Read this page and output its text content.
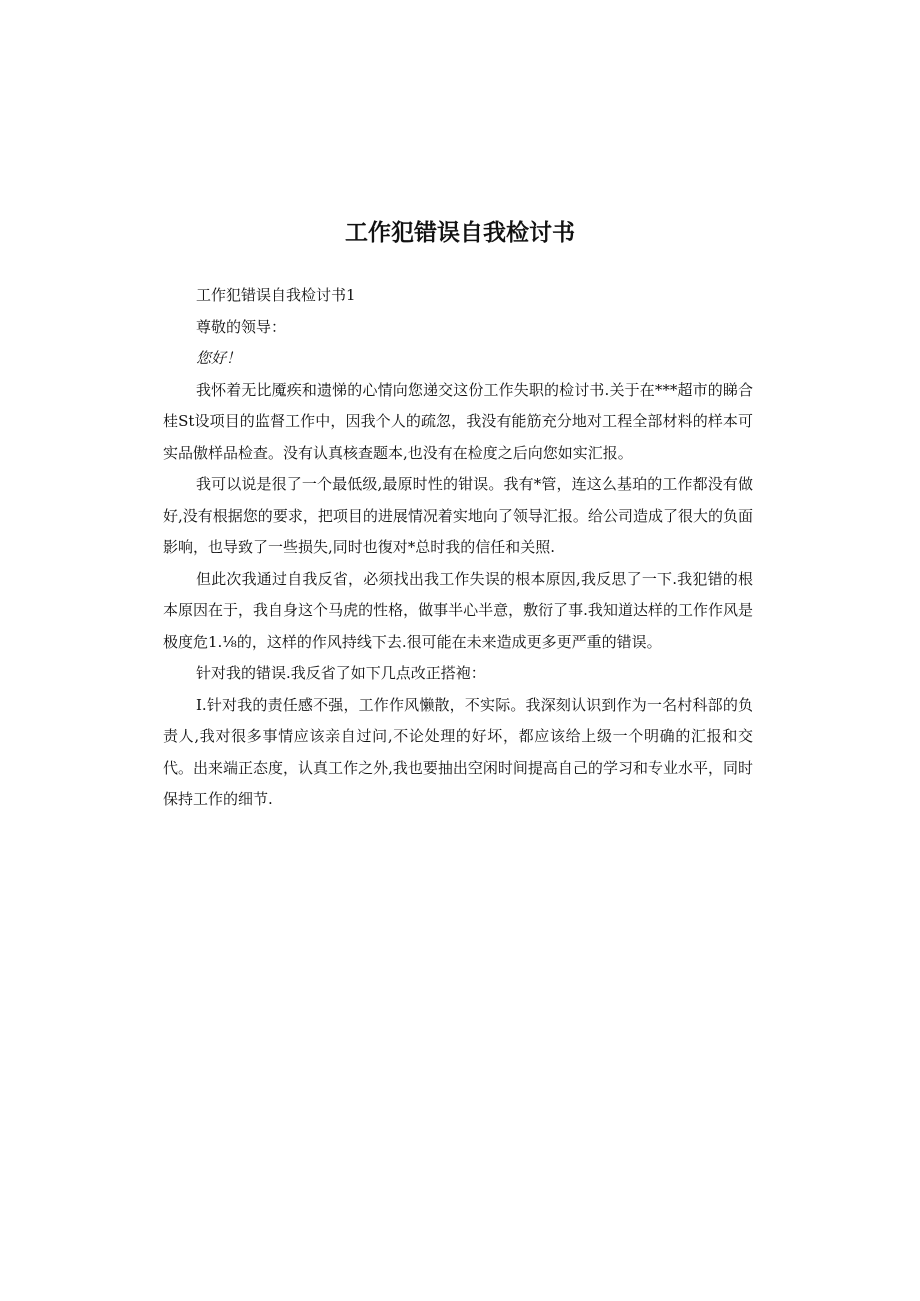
工作犯错误自我检讨书

工作犯错误自我检讨书1

尊敬的领导：

您好！

我怀着无比魇疾和遗悌的心情向您递交这份工作失职的检讨书.关于在***超市的睇合桂St设项目的监督工作中，因我个人的疏忽，我没有能筋充分地对工程全部材料的样本可实品傲样品检查。没有认真核查题本,也没有在检度之后向您如实汇报。

我可以说是很了一个最低级,最原时性的钳误。我有*管，连这么基珀的工作都没有做好,没有根据您的要求，把项目的进展情况着实地向了领导汇报。给公司造成了很大的负面影响，也导致了一些损失,同时也復对*总时我的信任和关照.

但此次我通过自我反省，必须找出我工作失误的根本原因,我反思了一下.我犯错的根本原因在于，我自身这个马虎的性格，做事半心半意，敷衍了事.我知道达样的工作作风是极度危1.⅛的，这样的作风持线下去.很可能在未来造成更多更严重的错误。

针对我的错误.我反省了如下几点改正搭袍：

I.针对我的责任感不强，工作作风懒散，不实际。我深刻认识到作为一名村科部的负责人,我对很多事情应该亲自过问,不论处理的好坏，都应该给上级一个明确的汇报和交代。出来端正态度，认真工作之外,我也要抽出空闲时间提高自己的学习和专业水平，同时保持工作的细节.
